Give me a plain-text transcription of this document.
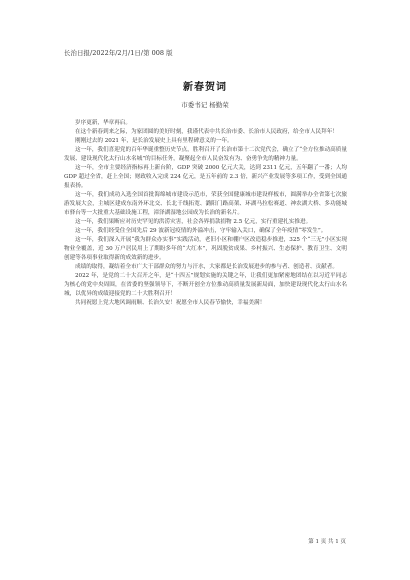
长治日报/2022年/2月/1日/第 008 版
新春贺词
市委书记 杨勤荣

岁序更新，华章再启。

在这个新春到来之际，为家团圆的美好时刻，我谨代表中共长治市委、长治市人民政府，给全市人民拜年！

刚刚过去的 2021 年，是长治发展史上具有里程碑意义的一年。

这一年，我们喜迎党的百年华诞重整历史节点，胜利召开了长治市第十二次党代会，确立了“全方位推动高质量发展、建设现代化太行山水名城”的目标任务，凝聚起全市人民奋发有为、奋勇争先的精神力量。

这一年，全市主要经济指标再上新台阶，GDP 突破 2000 亿元大关，达到 2311 亿元，五年翻了一番；人均 GDP 超过全省，赶上全国；财政收入完成 224 亿元，是五年前的 2.3 倍，新兴产业发展等多项工作，受到全国通报表扬。

这一年，我们成功入选全国首批海绵城市建设示范市，荣获全国健康城市建设样板市，圆满举办全省第七次旅游发展大会，主城区建成东南外环北交、长北千线拓宽、潞阳门路高架、环湖马拉松赛道、神农湖大桥、多功能城市驿台等一大批重大基础设施工程，漳泽湖湿地公园成为长治的新名片。

这一年，我们果断应对历史罕见的洪涝灾害，社会各界捐款捐物 2.5 亿元，实行重建扎实推进。

这一年，我们经受住全国先后 29 波新冠疫情的外溢冲击，守牢输入关口，确保了全年疫情“零发生”。

这一年，我们深入开展“我为群众办实事”实践活动，老旧小区和棚户区改造稳步推进，325 个“三无”小区实现物业全覆盖，近 30 万户居民用上了期盼多年的“大红本”，巩固脱贫成果、乡村振兴、生态保护、教育卫生、文明创建等各项事业取得新的成效新的进步。

成绩的取得，凝结着全市广大干部群众的努力与汗水，大家都是长治发展进步的参与者、创造者、贡献者。

2022 年，是党的二十大召开之年，是“十四五”规划实施的关键之年，让我们更加紧密地团结在以习近平同志为核心的党中央周围，在省委的坚强领导下，不断开创全方位推动高质量发展新局面，加快建设现代化太行山水名城，以优异的成绩迎接党的二十大胜利召开！

共同祝愿上党大地风调雨顺、长治久安！祝愿全市人民春节愉快，幸福美满！

第 1 页 共 1 页
